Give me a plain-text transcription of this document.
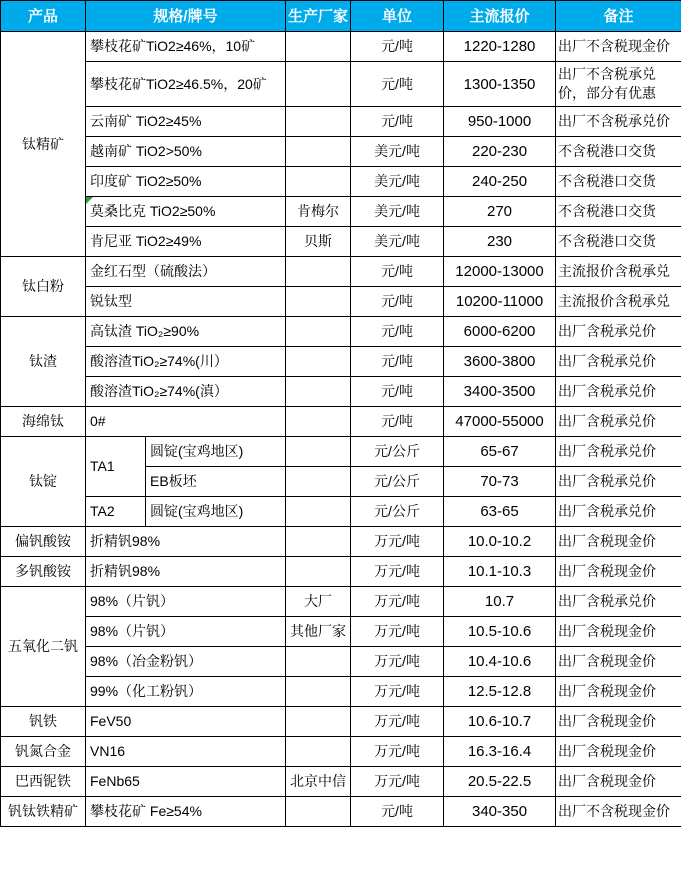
产品	规格/牌号		生产厂家	单位	主流报价	备注
钛精矿	攀枝花矿TiO2≥46%，10矿			元/吨	1220-1280	出厂不含税现金价
	攀枝花矿TiO2≥46.5%，20矿			元/吨	1300-1350	出厂不含税承兑价，部分有优惠
	云南矿 TiO2≥45%			元/吨	950-1000	出厂不含税承兑价
	越南矿 TiO2>50%			美元/吨	220-230	不含税港口交货
	印度矿 TiO2≥50%			美元/吨	240-250	不含税港口交货
	莫桑比克 TiO2≥50%		肯梅尔	美元/吨	270	不含税港口交货
	肯尼亚 TiO2≥49%		贝斯	美元/吨	230	不含税港口交货
钛白粉	金红石型（硫酸法）			元/吨	12000-13000	主流报价含税承兑
	锐钛型			元/吨	10200-11000	主流报价含税承兑
钛渣	高钛渣 TiO₂≥90%			元/吨	6000-6200	出厂含税承兑价
	酸溶渣TiO₂≥74%(川）			元/吨	3600-3800	出厂含税承兑价
	酸溶渣TiO₂≥74%(滇）			元/吨	3400-3500	出厂含税承兑价
海绵钛	0#			元/吨	47000-55000	出厂含税承兑价
钛锭	TA1	圆锭(宝鸡地区)		元/公斤	65-67	出厂含税承兑价
		EB板坯		元/公斤	70-73	出厂含税承兑价
	TA2	圆锭(宝鸡地区)		元/公斤	63-65	出厂含税承兑价
偏钒酸铵	折精钒98%			万元/吨	10.0-10.2	出厂含税现金价
多钒酸铵	折精钒98%			万元/吨	10.1-10.3	出厂含税现金价
五氧化二钒	98%（片钒）		大厂	万元/吨	10.7	出厂含税承兑价
	98%（片钒）		其他厂家	万元/吨	10.5-10.6	出厂含税现金价
	98%（冶金粉钒）			万元/吨	10.4-10.6	出厂含税现金价
	99%（化工粉钒）			万元/吨	12.5-12.8	出厂含税现金价
钒铁	FeV50			万元/吨	10.6-10.7	出厂含税现金价
钒氮合金	VN16			万元/吨	16.3-16.4	出厂含税现金价
巴西铌铁	FeNb65		北京中信	万元/吨	20.5-22.5	出厂含税现金价
钒钛铁精矿	攀枝花矿 Fe≥54%			元/吨	340-350	出厂不含税现金价
